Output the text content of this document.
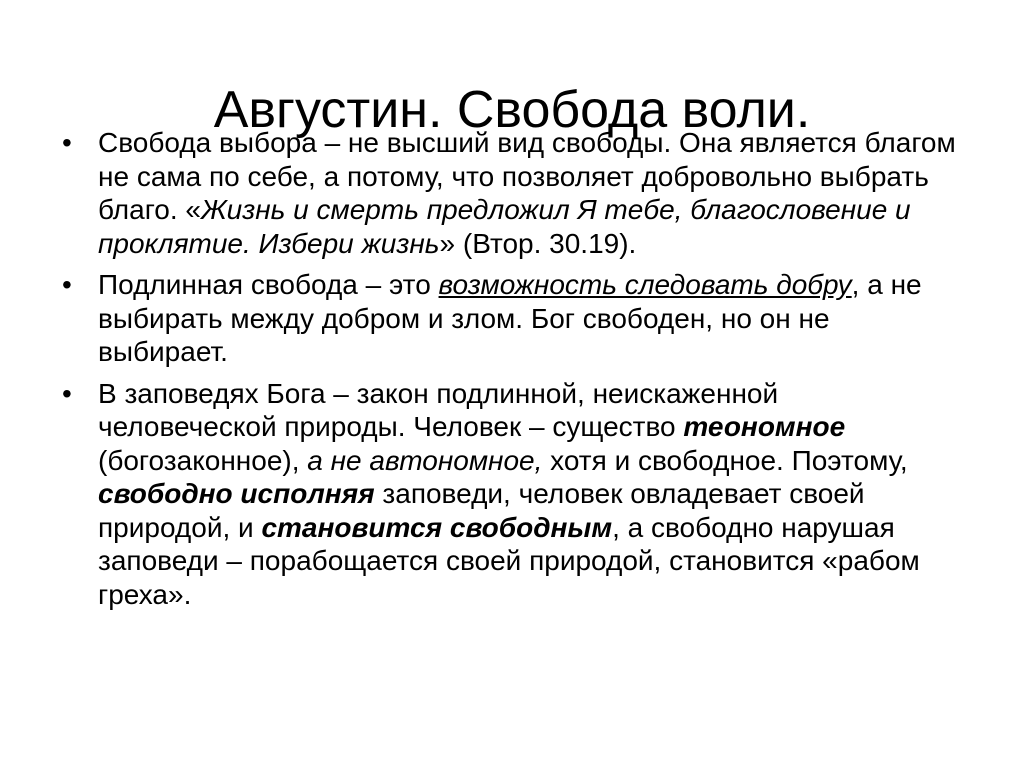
Августин. Свобода воли.
• Свобода выбора – не высший вид свободы. Она является благом не сама по себе, а потому, что позволяет добровольно выбрать благо. «Жизнь и смерть предложил Я тебе, благословение и проклятие. Избери жизнь» (Втор. 30.19).
• Подлинная свобода – это возможность следовать добру, а не выбирать между добром и злом. Бог свободен, но он не выбирает.
• В заповедях Бога – закон подлинной, неискаженной человеческой природы. Человек – существо теономное (богозаконное), а не автономное, хотя и свободное. Поэтому, свободно исполняя заповеди, человек овладевает своей природой, и становится свободным, а свободно нарушая заповеди – порабощается своей природой, становится «рабом греха».
